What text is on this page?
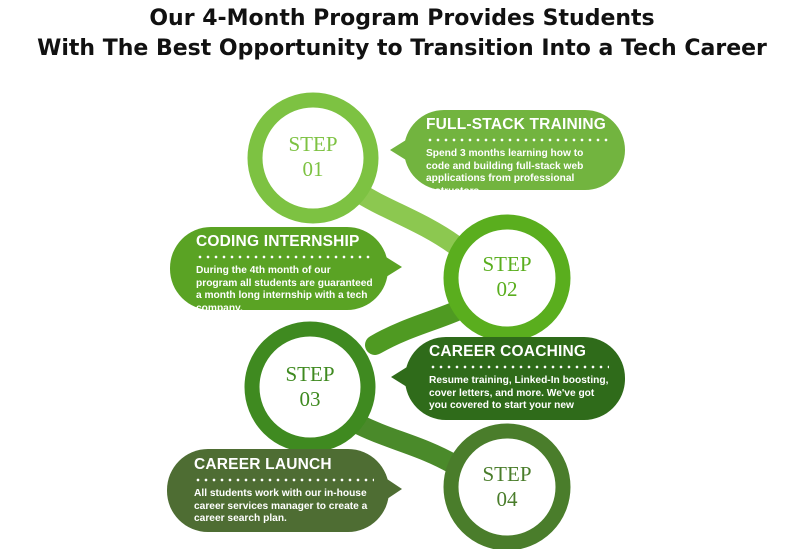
Our 4-Month Program Provides Students
With The Best Opportunity to Transition Into a Tech Career
STEP
01
STEP
02
STEP
03
STEP
04
FULL-STACK TRAINING
Spend 3 months learning how to code and building full-stack web applications from professional instructors.
CODING INTERNSHIP
During the 4th month of our program all students are guaranteed a month long internship with a tech company.
CAREER COACHING
Resume training, Linked-In boosting, cover letters, and more. We've got you covered to start your new
CAREER LAUNCH
All students work with our in-house career services manager to create a career search plan.
